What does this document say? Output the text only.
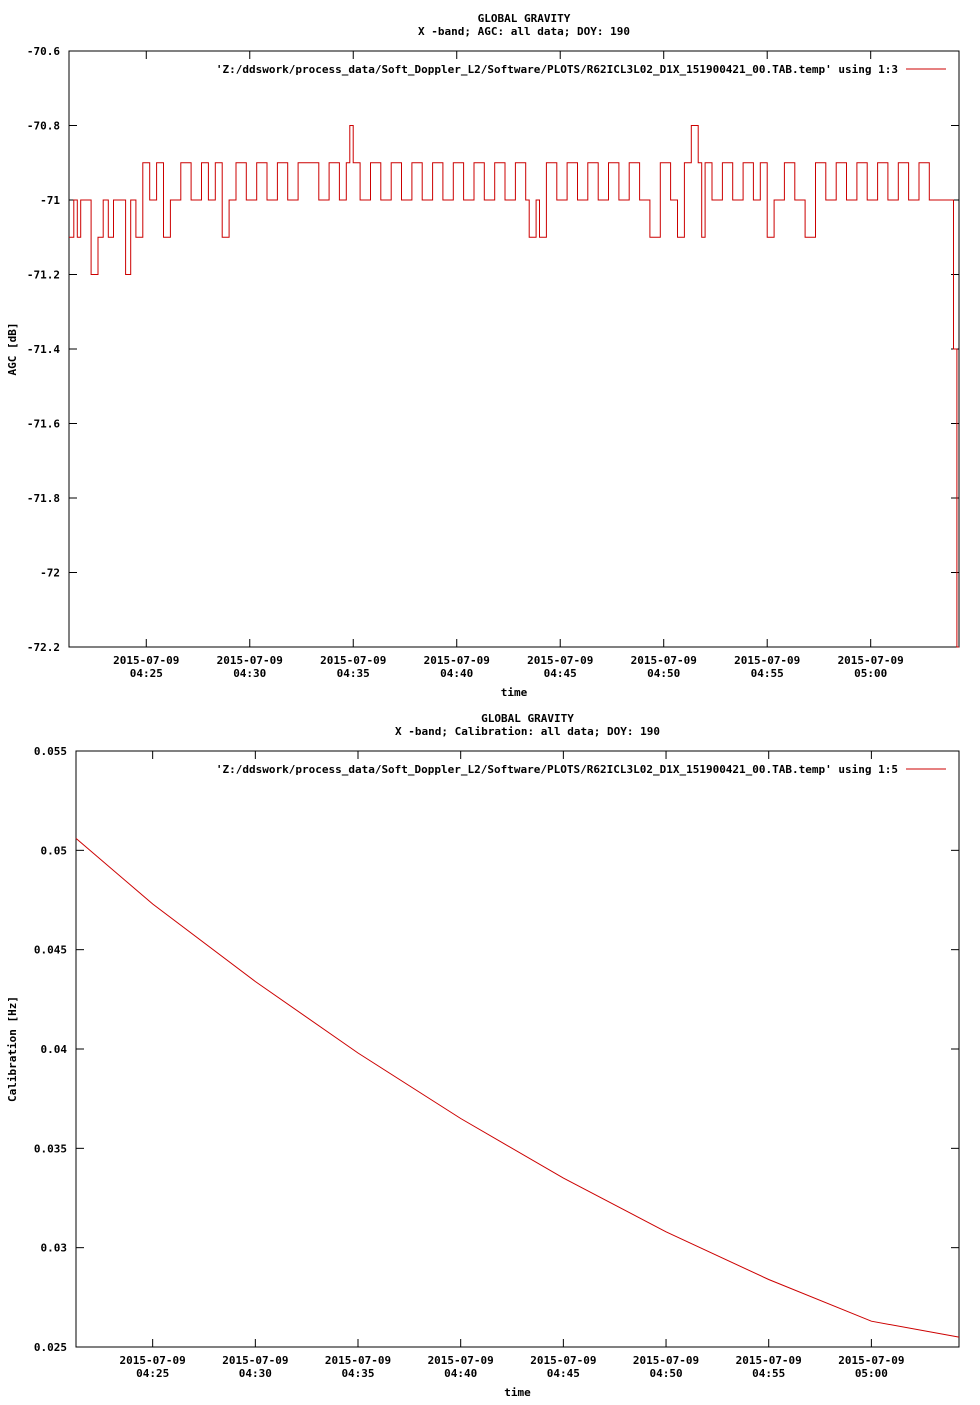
GLOBAL GRAVITY
X -band; AGC: all data; DOY: 190
-70.6
-70.8
-71
-71.2
-71.4
-71.6
-71.8
-72
-72.2
2015-07-09
04:25
2015-07-09
04:30
2015-07-09
04:35
2015-07-09
04:40
2015-07-09
04:45
2015-07-09
04:50
2015-07-09
04:55
2015-07-09
05:00
time
AGC [dB]
'Z:/ddswork/process_data/Soft_Doppler_L2/Software/PLOTS/R62ICL3L02_D1X_151900421_00.TAB.temp' using 1:3
GLOBAL GRAVITY
X -band; Calibration: all data; DOY: 190
0.055
0.05
0.045
0.04
0.035
0.03
0.025
2015-07-09
04:25
2015-07-09
04:30
2015-07-09
04:35
2015-07-09
04:40
2015-07-09
04:45
2015-07-09
04:50
2015-07-09
04:55
2015-07-09
05:00
time
Calibration [Hz]
'Z:/ddswork/process_data/Soft_Doppler_L2/Software/PLOTS/R62ICL3L02_D1X_151900421_00.TAB.temp' using 1:5
